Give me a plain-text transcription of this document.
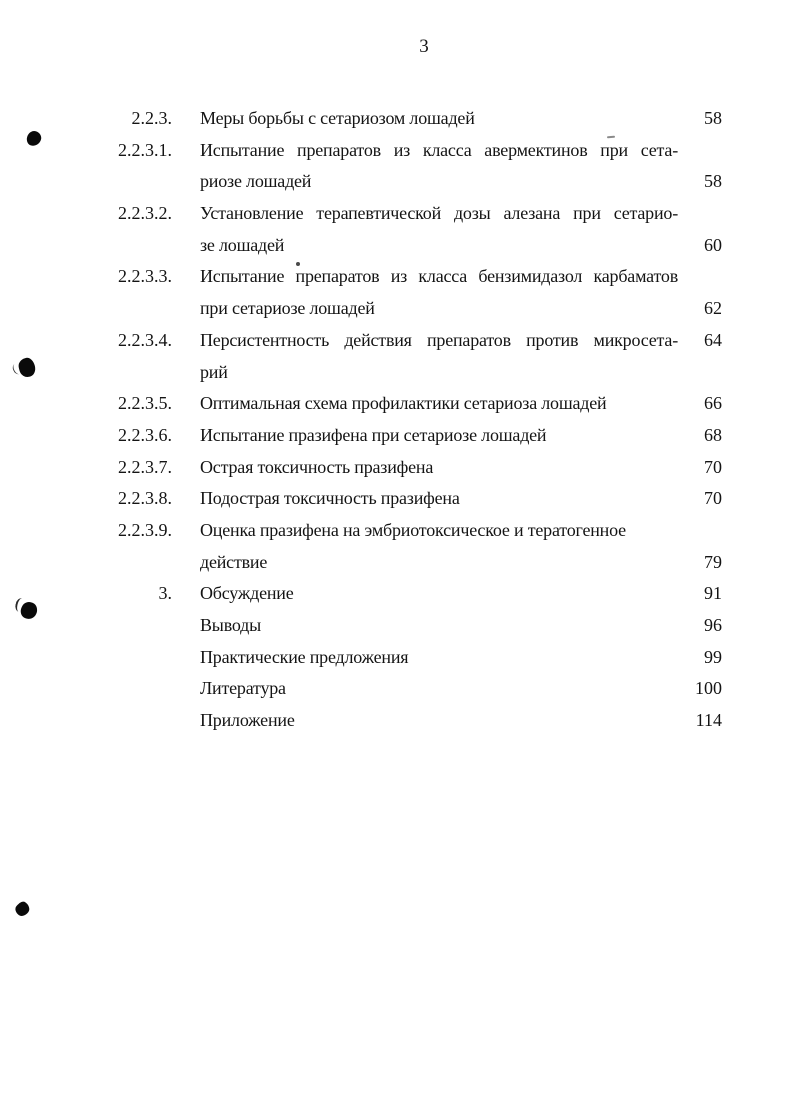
3
2.2.3. Меры борьбы с сетариозом лошадей	58
2.2.3.1. Испытание препаратов из класса авермектинов при сета-
риозе лошадей	58
2.2.3.2. Установление терапевтической дозы алезана при сетарио-
зе лошадей	60
2.2.3.3. Испытание препаратов из класса бензимидазол карбаматов
при сетариозе лошадей	62
2.2.3.4. Персистентность действия препаратов против микросета-	64
рий
2.2.3.5. Оптимальная схема профилактики сетариоза лошадей	66
2.2.3.6. Испытание празифена при сетариозе лошадей	68
2.2.3.7. Острая токсичность празифена	70
2.2.3.8. Подострая токсичность празифена	70
2.2.3.9. Оценка празифена на эмбриотоксическое и тератогенное
действие	79
3. Обсуждение	91
Выводы	96
Практические предложения	99
Литература	100
Приложение	114
